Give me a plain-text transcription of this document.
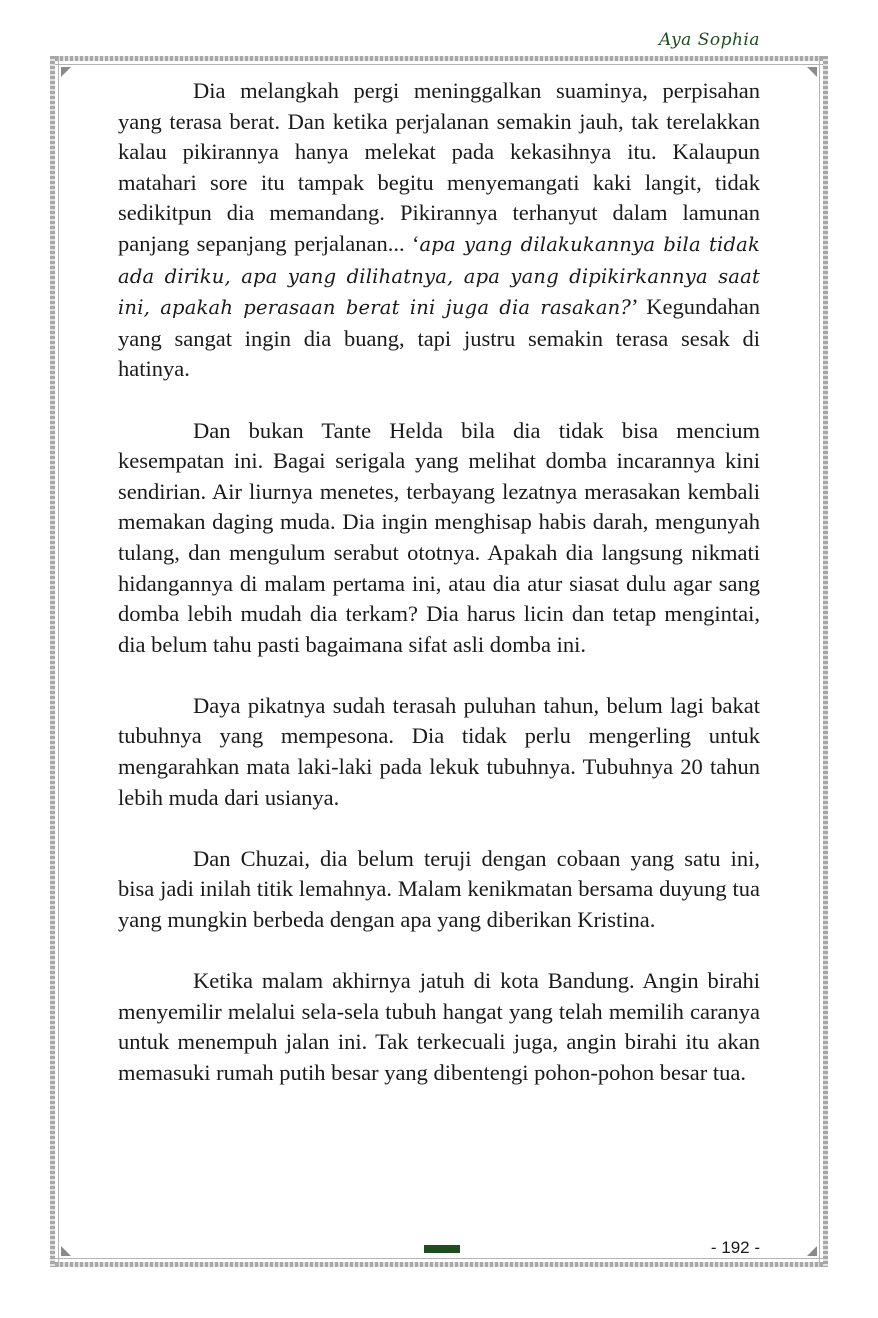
Aya Sophia

Dia melangkah pergi meninggalkan suaminya, perpisahan yang terasa berat. Dan ketika perjalanan semakin jauh, tak terelakkan kalau pikirannya hanya melekat pada kekasihnya itu. Kalaupun matahari sore itu tampak begitu menyemangati kaki langit, tidak sedikitpun dia memandang. Pikirannya terhanyut dalam lamunan panjang sepanjang perjalanan... ‘apa yang dilakukannya bila tidak ada diriku, apa yang dilihatnya, apa yang dipikirkannya saat ini, apakah perasaan berat ini juga dia rasakan?’ Kegundahan yang sangat ingin dia buang, tapi justru semakin terasa sesak di hatinya.

Dan bukan Tante Helda bila dia tidak bisa mencium kesempatan ini. Bagai serigala yang melihat domba incarannya kini sendirian. Air liurnya menetes, terbayang lezatnya merasakan kembali memakan daging muda. Dia ingin menghisap habis darah, mengunyah tulang, dan mengulum serabut ototnya. Apakah dia langsung nikmati hidangannya di malam pertama ini, atau dia atur siasat dulu agar sang domba lebih mudah dia terkam? Dia harus licin dan tetap mengintai, dia belum tahu pasti bagaimana sifat asli domba ini.

Daya pikatnya sudah terasah puluhan tahun, belum lagi bakat tubuhnya yang mempesona. Dia tidak perlu mengerling untuk mengarahkan mata laki-laki pada lekuk tubuhnya. Tubuhnya 20 tahun lebih muda dari usianya.

Dan Chuzai, dia belum teruji dengan cobaan yang satu ini, bisa jadi inilah titik lemahnya. Malam kenikmatan bersama duyung tua yang mungkin berbeda dengan apa yang diberikan Kristina.

Ketika malam akhirnya jatuh di kota Bandung. Angin birahi menyemilir melalui sela-sela tubuh hangat yang telah memilih caranya untuk menempuh jalan ini. Tak terkecuali juga, angin birahi itu akan memasuki rumah putih besar yang dibentengi pohon-pohon besar tua.

- 192 -
